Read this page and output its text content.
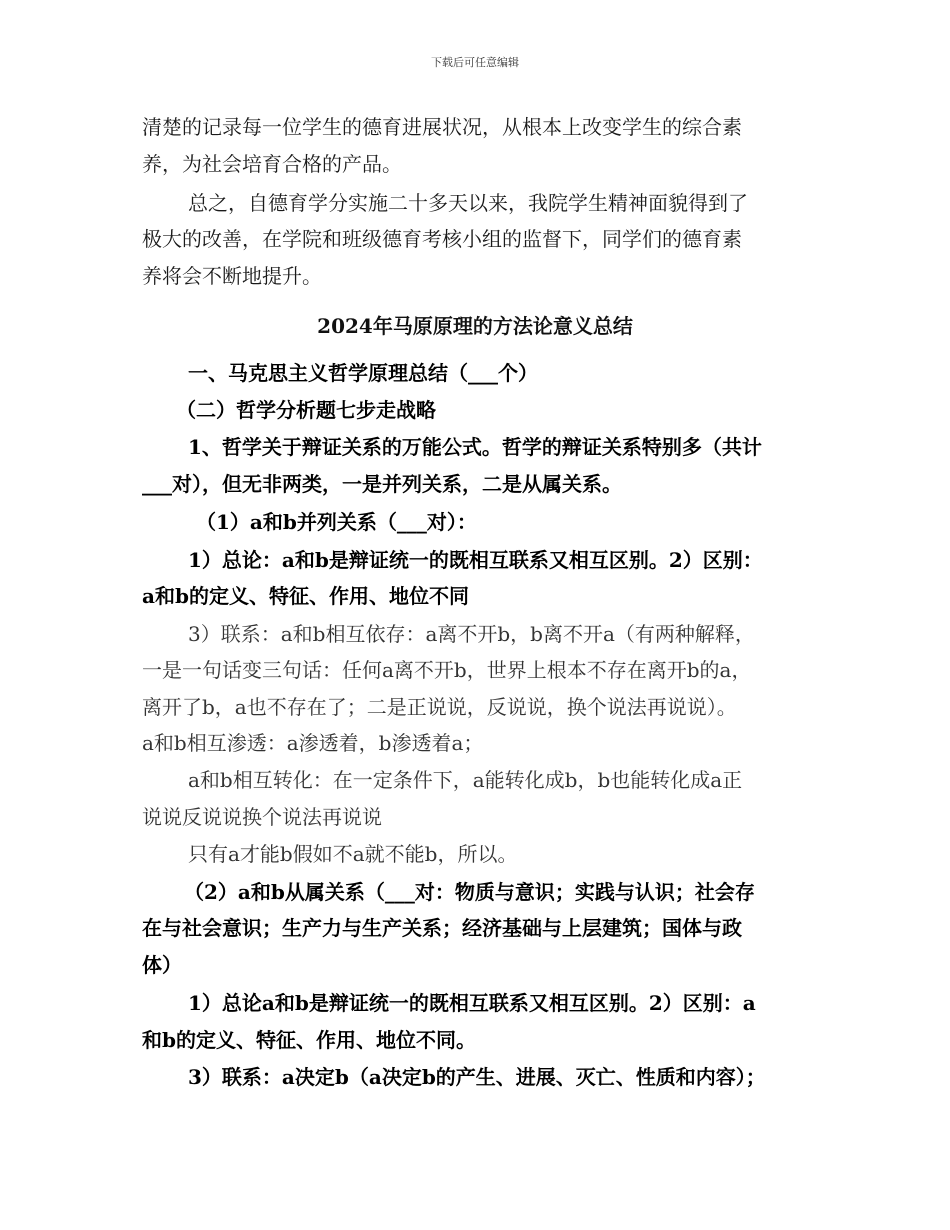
下载后可任意编辑
清楚的记录每一位学生的德育进展状况，从根本上改变学生的综合素
养，为社会培育合格的产品。
总之，自德育学分实施二十多天以来，我院学生精神面貌得到了
极大的改善，在学院和班级德育考核小组的监督下，同学们的德育素
养将会不断地提升。
2024年马原原理的方法论意义总结
一、马克思主义哲学原理总结（___个）
（二）哲学分析题七步走战略
1、哲学关于辩证关系的万能公式。哲学的辩证关系特别多（共计
___对），但无非两类，一是并列关系，二是从属关系。
（1）a和b并列关系（___对）：
1）总论：a和b是辩证统一的既相互联系又相互区别。2）区别：
a和b的定义、特征、作用、地位不同
3）联系：a和b相互依存：a离不开b，b离不开a（有两种解释，
一是一句话变三句话：任何a离不开b，世界上根本不存在离开b的a，
离开了b，a也不存在了；二是正说说，反说说，换个说法再说说）。
a和b相互渗透：a渗透着，b渗透着a；
a和b相互转化：在一定条件下，a能转化成b，b也能转化成a正
说说反说说换个说法再说说
只有a才能b假如不a就不能b，所以。
（2）a和b从属关系（___对：物质与意识；实践与认识；社会存
在与社会意识；生产力与生产关系；经济基础与上层建筑；国体与政
体）
1）总论a和b是辩证统一的既相互联系又相互区别。2）区别：a
和b的定义、特征、作用、地位不同。
3）联系：a决定b（a决定b的产生、进展、灭亡、性质和内容）；
